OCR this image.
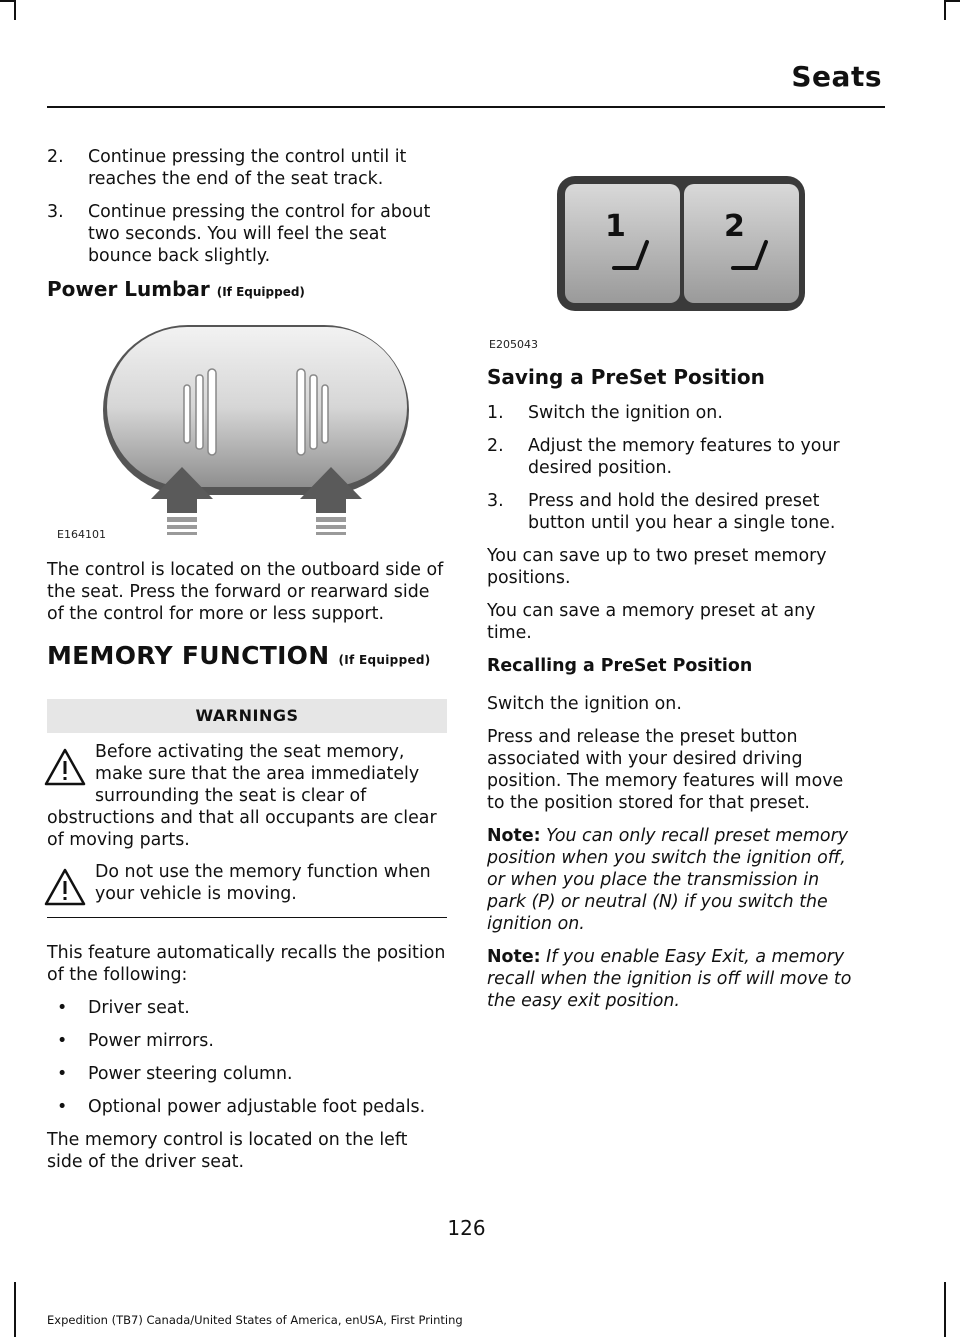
Seats
2.	Continue pressing the control until it reaches the end of the seat track.
3.	Continue pressing the control for about two seconds. You will feel the seat bounce back slightly.
Power Lumbar (If Equipped)
E164101

The control is located on the outboard side of the seat. Press the forward or rearward side of the control for more or less support.

MEMORY FUNCTION (If Equipped)
WARNINGS
Before activating the seat memory, make sure that the area immediately surrounding the seat is clear of obstructions and that all occupants are clear of moving parts.
Do not use the memory function when your vehicle is moving.

This feature automatically recalls the position of the following:

•	Driver seat.
•	Power mirrors.
•	Power steering column.
•	Optional power adjustable foot pedals.

The memory control is located on the left side of the driver seat.

1	2
E205043
Saving a PreSet Position
1.	Switch the ignition on.
2.	Adjust the memory features to your desired position.
3.	Press and hold the desired preset button until you hear a single tone.

You can save up to two preset memory positions.

You can save a memory preset at any time.

Recalling a PreSet Position

Switch the ignition on.

Press and release the preset button associated with your desired driving position. The memory features will move to the position stored for that preset.

Note: You can only recall preset memory position when you switch the ignition off, or when you place the transmission in park (P) or neutral (N) if you switch the ignition on.

Note: If you enable Easy Exit, a memory recall when the ignition is off will move to the easy exit position.

126
Expedition (TB7) Canada/United States of America, enUSA, First Printing
